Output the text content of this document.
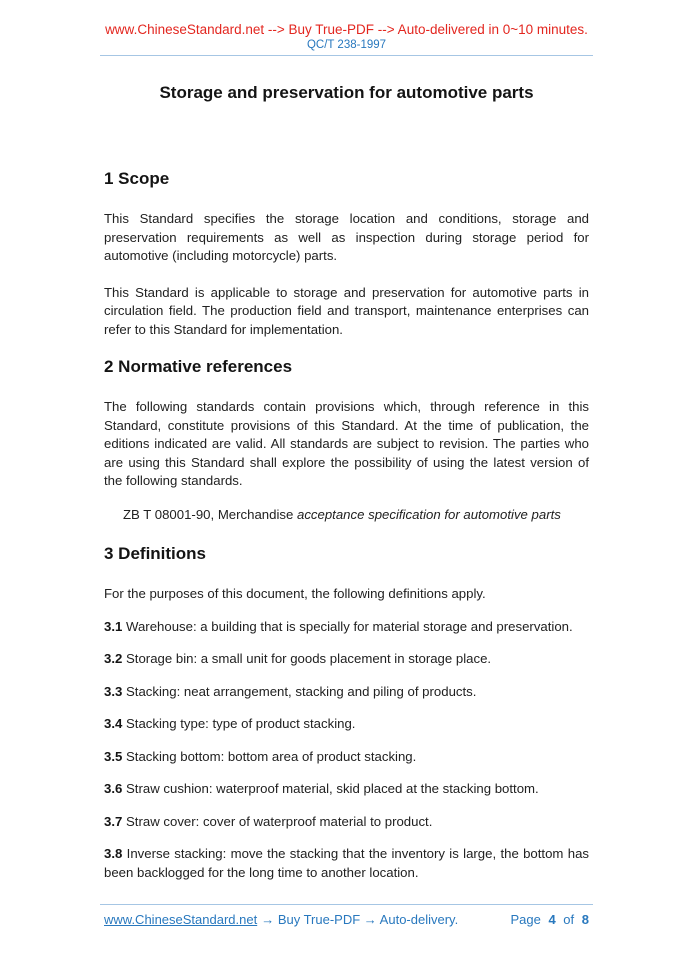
www.ChineseStandard.net --> Buy True-PDF --> Auto-delivered in 0~10 minutes.
QC/T 238-1997
Storage and preservation for automotive parts
1 Scope

This Standard specifies the storage location and conditions, storage and preservation requirements as well as inspection during storage period for automotive (including motorcycle) parts.

This Standard is applicable to storage and preservation for automotive parts in circulation field. The production field and transport, maintenance enterprises can refer to this Standard for implementation.

2 Normative references

The following standards contain provisions which, through reference in this Standard, constitute provisions of this Standard. At the time of publication, the editions indicated are valid. All standards are subject to revision. The parties who are using this Standard shall explore the possibility of using the latest version of the following standards.

ZB T 08001-90, Merchandise acceptance specification for automotive parts

3 Definitions

For the purposes of this document, the following definitions apply.

3.1 Warehouse: a building that is specially for material storage and preservation.

3.2 Storage bin: a small unit for goods placement in storage place.

3.3 Stacking: neat arrangement, stacking and piling of products.

3.4 Stacking type: type of product stacking.

3.5 Stacking bottom: bottom area of product stacking.

3.6 Straw cushion: waterproof material, skid placed at the stacking bottom.

3.7 Straw cover: cover of waterproof material to product.

3.8 Inverse stacking: move the stacking that the inventory is large, the bottom has been backlogged for the long time to another location.

www.ChineseStandard.net → Buy True-PDF → Auto-delivery.	Page 4 of 8
